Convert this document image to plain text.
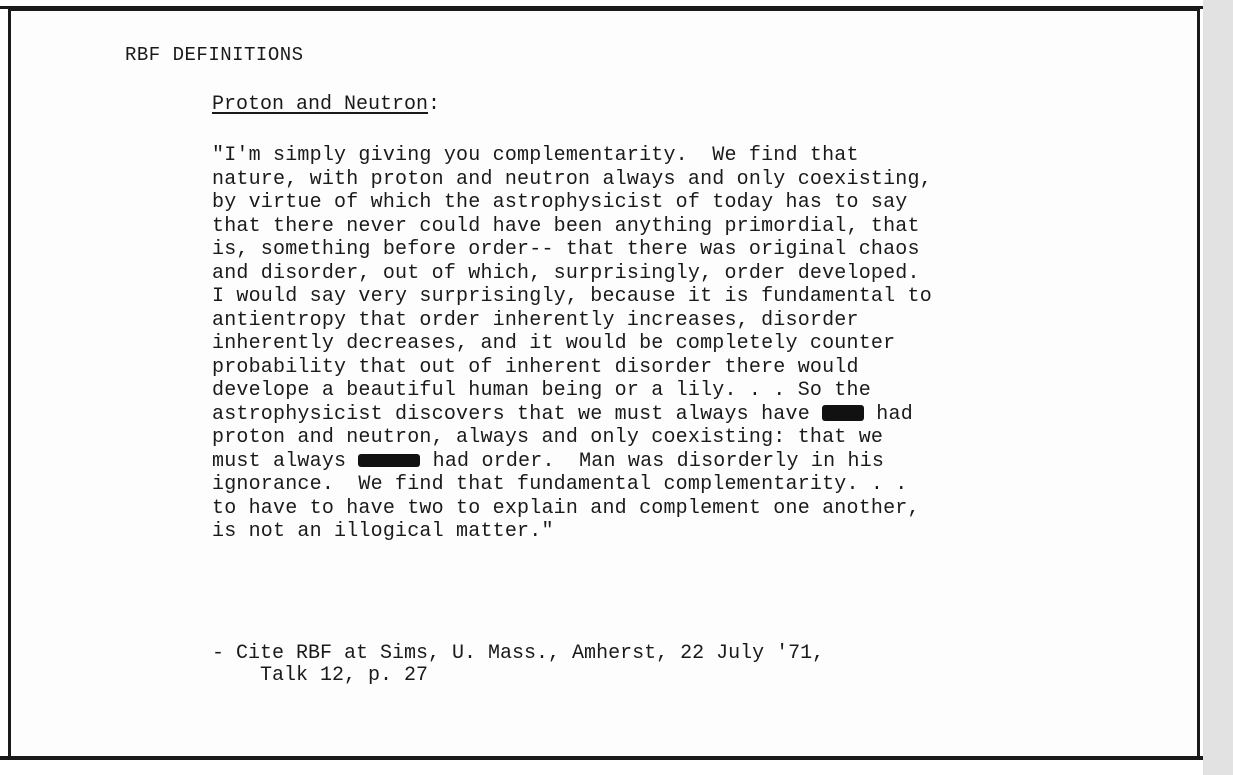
RBF DEFINITIONS
Proton and Neutron:
"I'm simply giving you complementarity.  We find that
nature, with proton and neutron always and only coexisting,
by virtue of which the astrophysicist of today has to say
that there never could have been anything primordial, that
is, something before order-- that there was original chaos
and disorder, out of which, surprisingly, order developed.
I would say very surprisingly, because it is fundamental to
antientropy that order inherently increases, disorder
inherently decreases, and it would be completely counter
probability that out of inherent disorder there would
develope a beautiful human being or a lily. . . So the
astrophysicist discovers that we must always have  had
proton and neutron, always and only coexisting: that we
must always	had order.  Man was disorderly in his
ignorance.  We find that fundamental complementarity. . .
to have to have two to explain and complement one another,
is not an illogical matter."
- Cite RBF at Sims, U. Mass., Amherst, 22 July '71,
Talk 12, p. 27
